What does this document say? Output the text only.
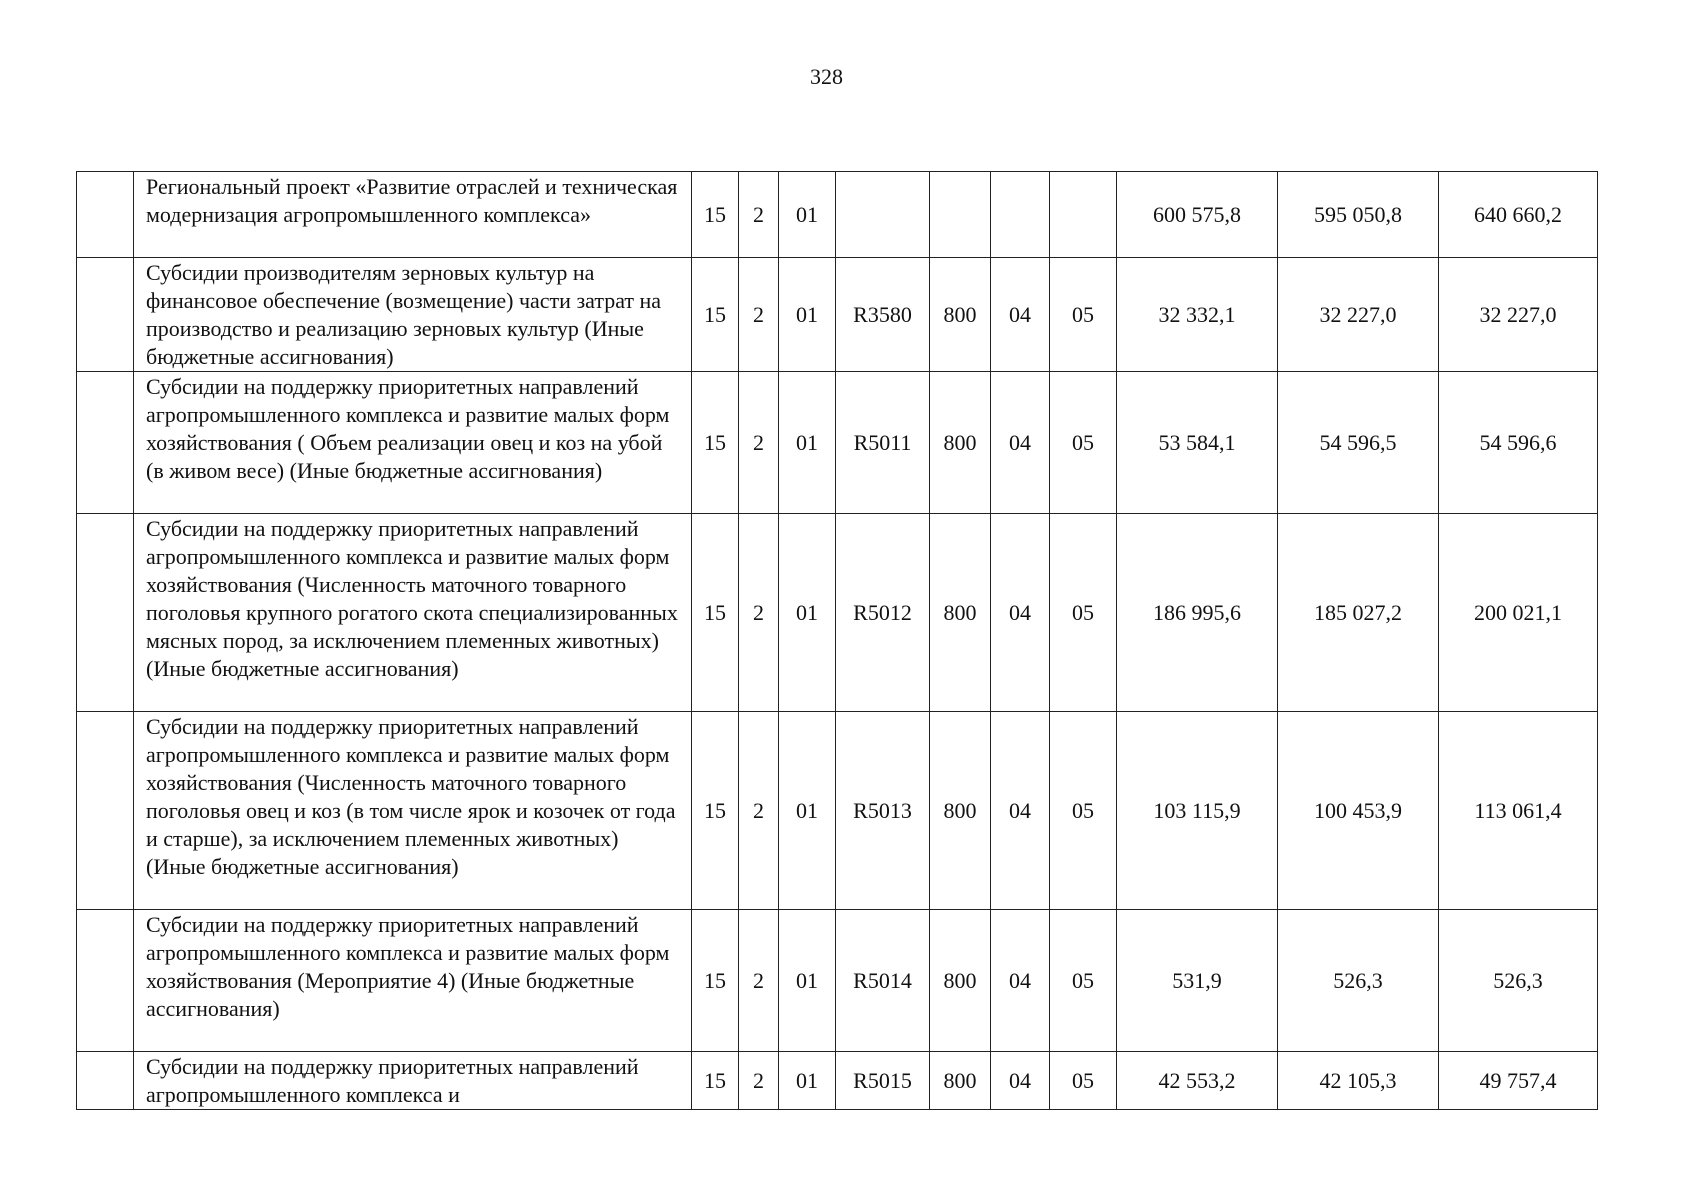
328
	Региональный проект «Развитие отраслей и техническая модернизация агропромышленного комплекса»	15	2	01					600 575,8	595 050,8	640 660,2
	Субсидии производителям зерновых культур на финансовое обеспечение (возмещение) части затрат на производство и реализацию зерновых культур (Иные бюджетные ассигнования)	15	2	01	R3580	800	04	05	32 332,1	32 227,0	32 227,0
	Субсидии на поддержку приоритетных направлений агропромышленного комплекса и развитие малых форм хозяйствования ( Объем реализации овец и коз на убой (в живом весе) (Иные бюджетные ассигнования)	15	2	01	R5011	800	04	05	53 584,1	54 596,5	54 596,6
	Субсидии на поддержку приоритетных направлений агропромышленного комплекса и развитие малых форм хозяйствования (Численность маточного товарного поголовья крупного рогатого скота специализированных мясных пород, за исключением племенных животных) (Иные бюджетные ассигнования)	15	2	01	R5012	800	04	05	186 995,6	185 027,2	200 021,1
	Субсидии на поддержку приоритетных направлений агропромышленного комплекса и развитие малых форм хозяйствования (Численность маточного товарного поголовья овец и коз (в том числе ярок и козочек от года и старше), за исключением племенных животных) (Иные бюджетные ассигнования)	15	2	01	R5013	800	04	05	103 115,9	100 453,9	113 061,4
	Субсидии на поддержку приоритетных направлений агропромышленного комплекса и развитие малых форм хозяйствования (Мероприятие 4) (Иные бюджетные ассигнования)	15	2	01	R5014	800	04	05	531,9	526,3	526,3
	Субсидии на поддержку приоритетных направлений агропромышленного комплекса и	15	2	01	R5015	800	04	05	42 553,2	42 105,3	49 757,4
